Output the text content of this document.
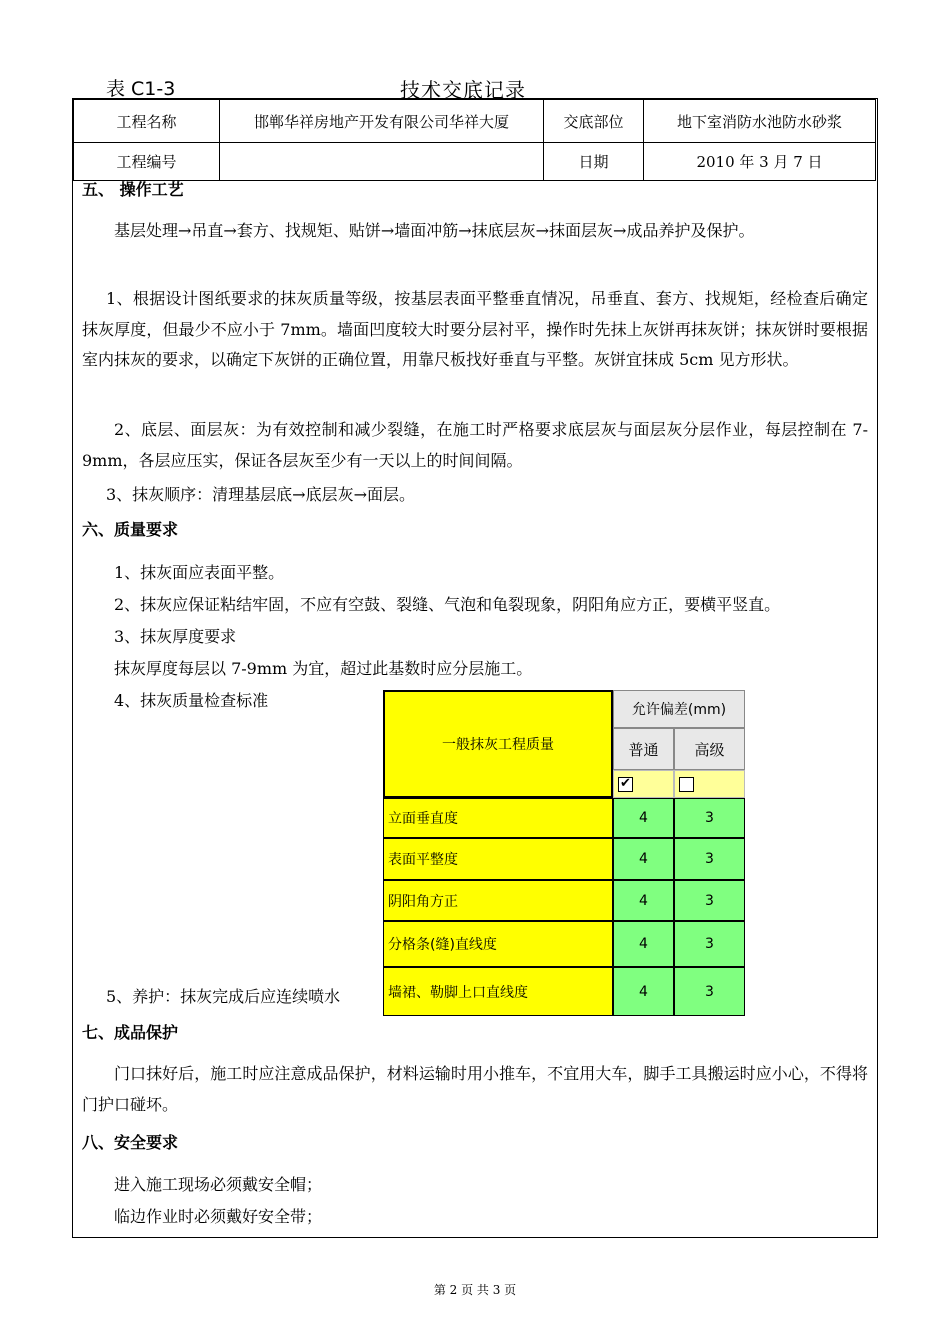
表 C1-3	技术交底记录
工程名称	邯郸华祥房地产开发有限公司华祥大厦	交底部位	地下室消防水池防水砂浆
工程编号		日期	2010 年 3 月 7 日
五、 操作工艺

基层处理→吊直→套方、找规矩、贴饼→墙面冲筋→抹底层灰→抹面层灰→成品养护及保护。

1、根据设计图纸要求的抹灰质量等级，按基层表面平整垂直情况，吊垂直、套方、找规矩，经检查后确定抹灰厚度，但最少不应小于 7mm。墙面凹度较大时要分层衬平，操作时先抹上灰饼再抹灰饼；抹灰饼时要根据室内抹灰的要求，以确定下灰饼的正确位置，用靠尺板找好垂直与平整。灰饼宜抹成 5cm 见方形状。

2、底层、面层灰：为有效控制和减少裂缝，在施工时严格要求底层灰与面层灰分层作业，每层控制在 7-9mm，各层应压实，保证各层灰至少有一天以上的时间间隔。

3、抹灰顺序：清理基层底→底层灰→面层。

六、质量要求

1、抹灰面应表面平整。

2、抹灰应保证粘结牢固，不应有空鼓、裂缝、气泡和龟裂现象，阴阳角应方正，要横平竖直。

3、抹灰厚度要求

抹灰厚度每层以 7-9mm 为宜，超过此基数时应分层施工。

4、抹灰质量检查标准

5、养护：抹灰完成后应连续喷水

一般抹灰工程质量
允许偏差(mm)
普通	高级
✔
立面垂直度	4	3
表面平整度	4	3
阴阳角方正	4	3
分格条(缝)直线度	4	3
墙裙、勒脚上口直线度	4	3
七、成品保护

门口抹好后，施工时应注意成品保护，材料运输时用小推车，不宜用大车，脚手工具搬运时应小心，不得将门护口碰坏。

八、安全要求

进入施工现场必须戴安全帽；

临边作业时必须戴好安全带；

第 2 页 共 3 页
